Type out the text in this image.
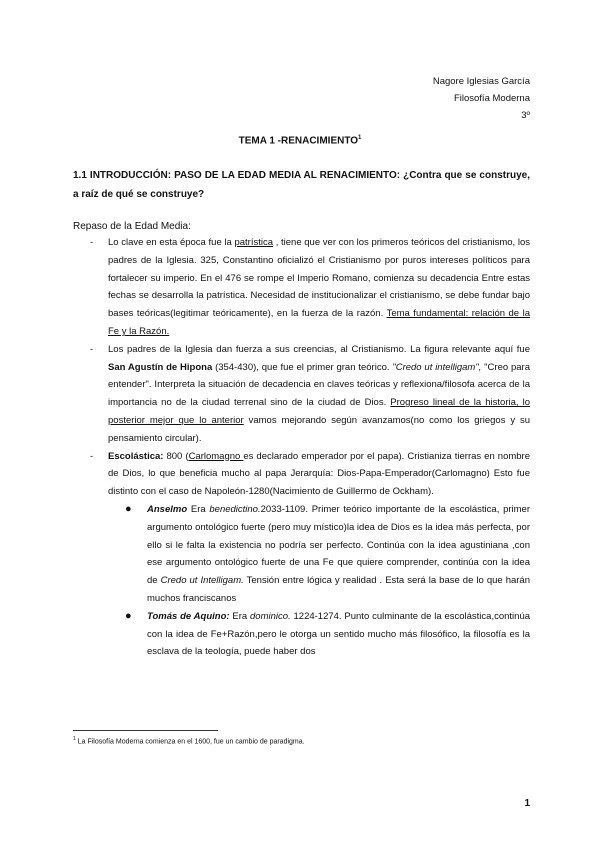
Nagore Iglesias García
Filosofía Moderna
3º
TEMA 1 -RENACIMIENTO$^1$
1.1 INTRODUCCIÓN: PASO DE LA EDAD MEDIA AL RENACIMIENTO: ¿Contra que se construye, a raíz de qué se construye?
Repaso de la Edad Media:
- Lo clave en esta época fue la patrística , tiene que ver con los primeros teóricos del cristianismo, los padres de la Iglesia. 325, Constantino oficializó el Cristianismo por puros intereses políticos para fortalecer su imperio. En el 476 se rompe el Imperio Romano, comienza su decadencia Entre estas fechas se desarrolla la patrística. Necesidad de institucionalizar el cristianismo, se debe fundar bajo bases teóricas(legitimar teóricamente), en la fuerza de la razón. Tema fundamental: relación de la Fe y la Razón.
- Los padres de la Iglesia dan fuerza a sus creencias, al Cristianismo. La figura relevante aquí fue San Agustín de Hipona (354-430), que fue el primer gran teórico. "Credo ut intelligam", "Creo para entender". Interpreta la situación de decadencia en claves teóricas y reflexiona/filosofa acerca de la importancia no de la ciudad terrenal sino de la ciudad de Dios. Progreso lineal de la historia, lo posterior mejor que lo anterior vamos mejorando según avanzamos(no como los griegos y su pensamiento circular).
- Escolástica: 800 (Carlomagno es declarado emperador por el papa). Cristianiza tierras en nombre de Dios, lo que beneficia mucho al papa Jerarquía: Dios-Papa-Emperador(Carlomagno) Esto fue distinto con el caso de Napoleón-1280(Nacimiento de Guillermo de Ockham).
● Anselmo Era benedictino.2033-1109. Primer teórico importante de la escolástica, primer argumento ontológico fuerte (pero muy místico)la idea de Dios es la idea más perfecta, por ello si le falta la existencia no podría ser perfecto. Continúa con la idea agustiniana ,con ese argumento ontológico fuerte de una Fe que quiere comprender, continúa con la idea de Credo ut Intelligam. Tensión entre lógica y realidad . Esta será la base de lo que harán muchos franciscanos
● Tomás de Aquino: Era dominico. 1224-1274. Punto culminante de la escolástica,continúa con la idea de Fe+Razón,pero le otorga un sentido mucho más filosófico, la filosofía es la esclava de la teología, puede haber dos
$^1$ La Filosofía Moderna comienza en el 1600, fue un cambio de paradigma.
1
